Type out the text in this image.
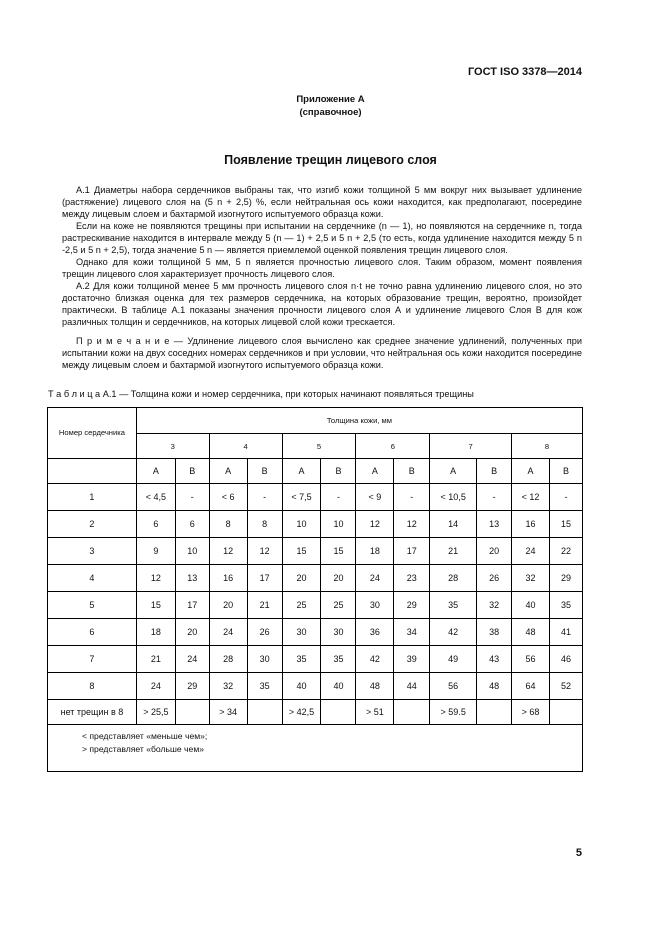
ГОСТ ISO 3378—2014
Приложение А
(справочное)
Появление трещин лицевого слоя

А.1 Диаметры набора сердечников выбраны так, что изгиб кожи толщиной 5 мм вокруг них вызывает удлинение (растяжение) лицевого слоя на (5 n + 2,5) %, если нейтральная ось кожи находится, как предполагают, посередине между лицевым слоем и бахтармой изогнутого испытуемого образца кожи.

Если на коже не появляются трещины при испытании на сердечнике (n — 1), но появляются на сердечнике n, тогда растрескивание находится в интервале между 5 (n — 1) + 2,5 и 5 n + 2,5 (то есть, когда удлинение находится между 5 n -2,5 и 5 n + 2,5), тогда значение 5 n — является приемлемой оценкой появления трещин лицевого слоя.

Однако для кожи толщиной 5 мм, 5 n является прочностью лицевого слоя. Таким образом, момент появления трещин лицевого слоя характеризует прочность лицевого слоя.

А.2 Для кожи толщиной менее 5 мм прочность лицевого слоя n·t не точно равна удлинению лицевого слоя, но это достаточно близкая оценка для тех размеров сердечника, на которых образование трещин, вероятно, произойдет практически. В таблице А.1 показаны значения прочности лицевого слоя А и удлинение лицевого Слоя В для кож различных толщин и сердечников, на которых лицевой слой кожи трескается.

П р и м е ч а н и е — Удлинение лицевого слоя вычислено как среднее значение удлинений, полученных при испытании кожи на двух соседних номерах сердечников и при условии, что нейтральная ось кожи находится посередине между лицевым слоем и бахтармой изогнутого испытуемого образца кожи.

Т а б л и ц а А.1 — Толщина кожи и номер сердечника, при которых начинают появляться трещины
Номер сердечника	Толщина кожи, мм											
	3		4		5		6		7		8	
	А	В	А	В	А	В	А	В	А	В	А	В
1	< 4,5	-	< 6	-	< 7,5	-	< 9	-	< 10,5	-	< 12	-
2	6	6	8	8	10	10	12	12	14	13	16	15
3	9	10	12	12	15	15	18	17	21	20	24	22
4	12	13	16	17	20	20	24	23	28	26	32	29
5	15	17	20	21	25	25	30	29	35	32	40	35
6	18	20	24	26	30	30	36	34	42	38	48	41
7	21	24	28	30	35	35	42	39	49	43	56	46
8	24	29	32	35	40	40	48	44	56	48	64	52
нет трещин в 8	> 25,5		> 34		> 42,5		> 51		> 59.5		> 68	

< представляет «меньше чем»;
> представляет «больше чем»												
5
